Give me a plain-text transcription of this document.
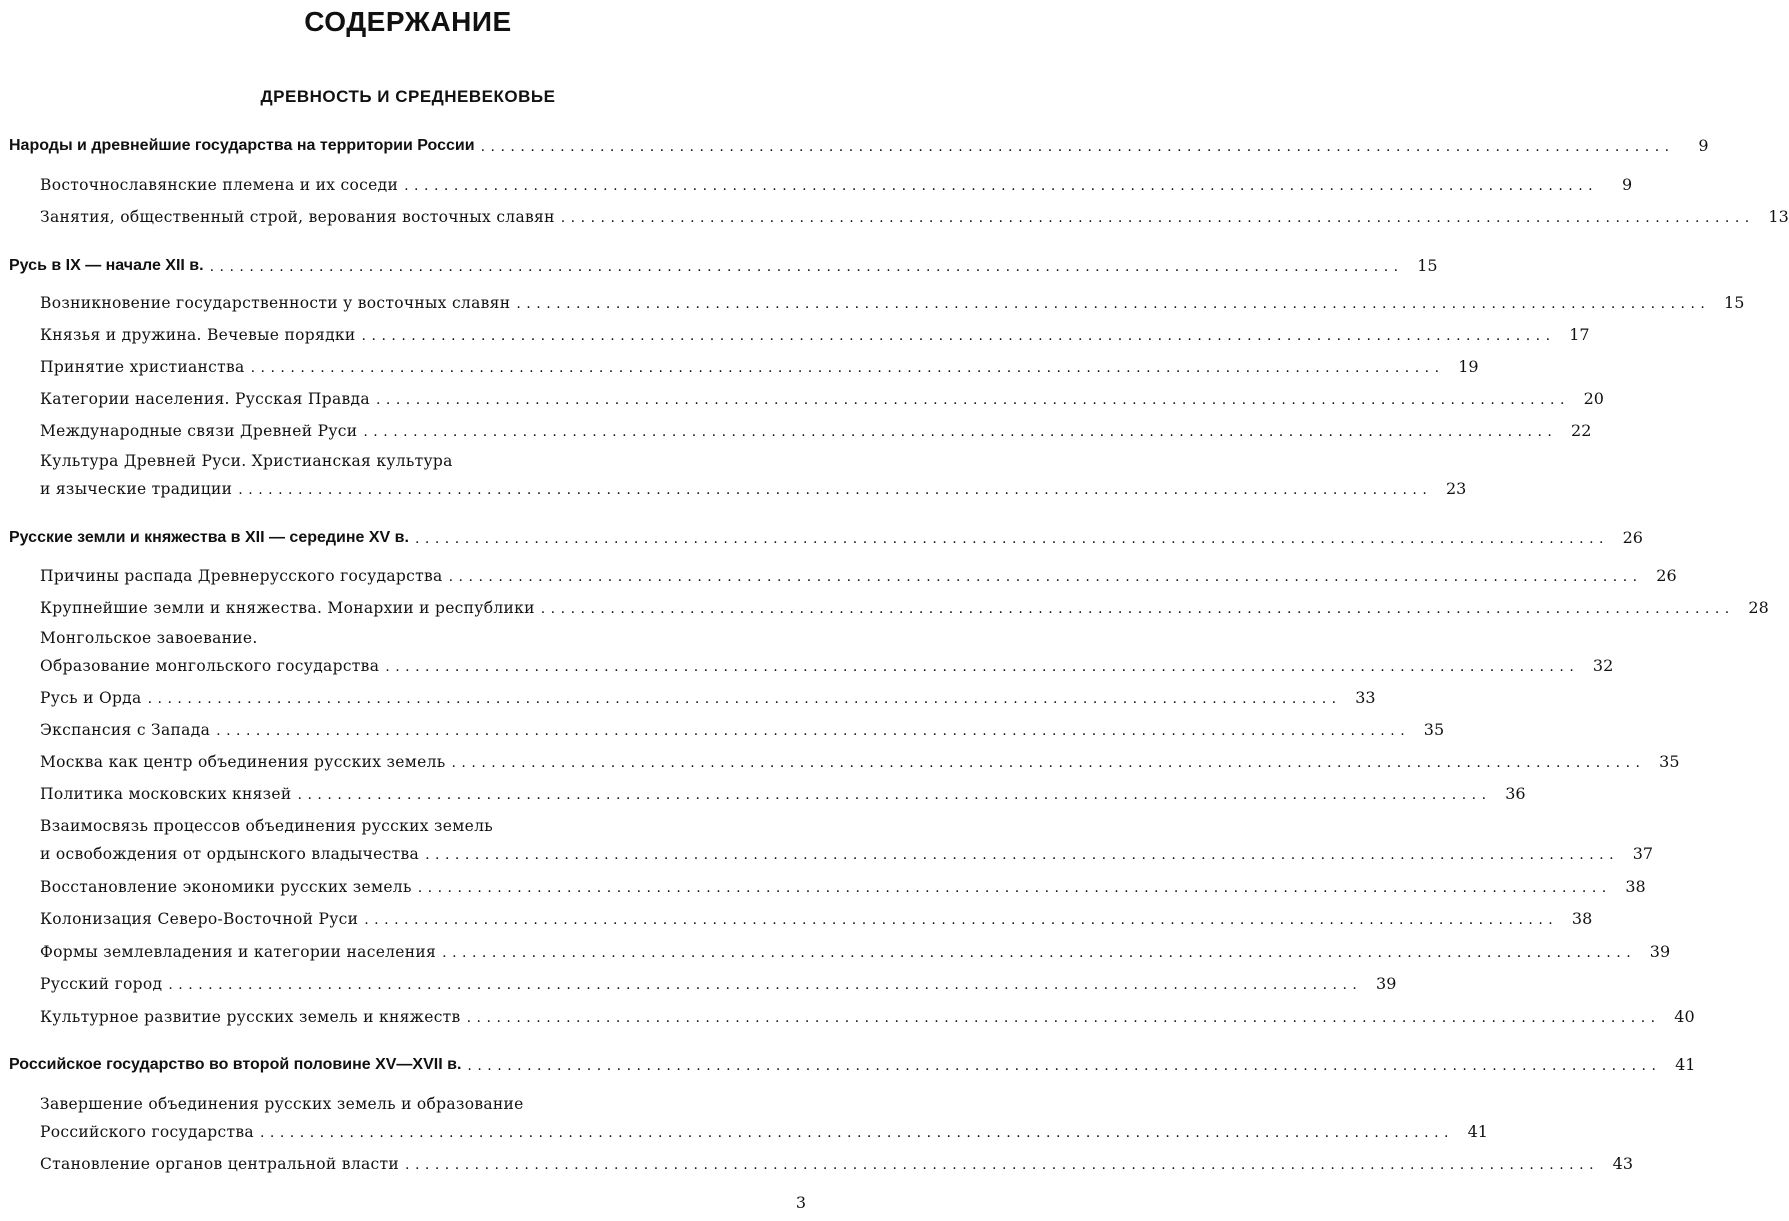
СОДЕРЖАНИЕ
ДРЕВНОСТЬ И СРЕДНЕВЕКОВЬЕ
Народы и древнейшие государства на территории России ........................................................................................................................	9
Восточнославянские племена и их соседи ........................................................................................................................	9
Занятия, общественный строй, верования восточных славян ........................................................................................................................ 13
Русь в IX — начале XII в. ........................................................................................................................ 15
Возникновение государственности у восточных славян ........................................................................................................................ 15
Князья и дружина. Вечевые порядки ........................................................................................................................ 17
Принятие христианства ........................................................................................................................ 19
Категории населения. Русская Правда ........................................................................................................................ 20
Международные связи Древней Руси ........................................................................................................................ 22
Культура Древней Руси. Христианская культура
и языческие традиции ........................................................................................................................ 23
Русские земли и княжества в XII — середине XV в. ........................................................................................................................ 26
Причины распада Древнерусского государства ........................................................................................................................ 26
Крупнейшие земли и княжества. Монархии и республики ........................................................................................................................ 28
Монгольское завоевание.
Образование монгольского государства ........................................................................................................................ 32
Русь и Орда ........................................................................................................................ 33
Экспансия с Запада ........................................................................................................................ 35
Москва как центр объединения русских земель ........................................................................................................................ 35
Политика московских князей ........................................................................................................................ 36
Взаимосвязь процессов объединения русских земель
и освобождения от ордынского владычества ........................................................................................................................ 37
Восстановление экономики русских земель ........................................................................................................................ 38
Колонизация Северо-Восточной Руси ........................................................................................................................ 38
Формы землевладения и категории населения ........................................................................................................................ 39
Русский город ........................................................................................................................ 39
Культурное развитие русских земель и княжеств ........................................................................................................................ 40
Российское государство во второй половине XV—XVII в. ........................................................................................................................ 41
Завершение объединения русских земель и образование
Российского государства ........................................................................................................................ 41
Становление органов центральной власти ........................................................................................................................ 43
3
